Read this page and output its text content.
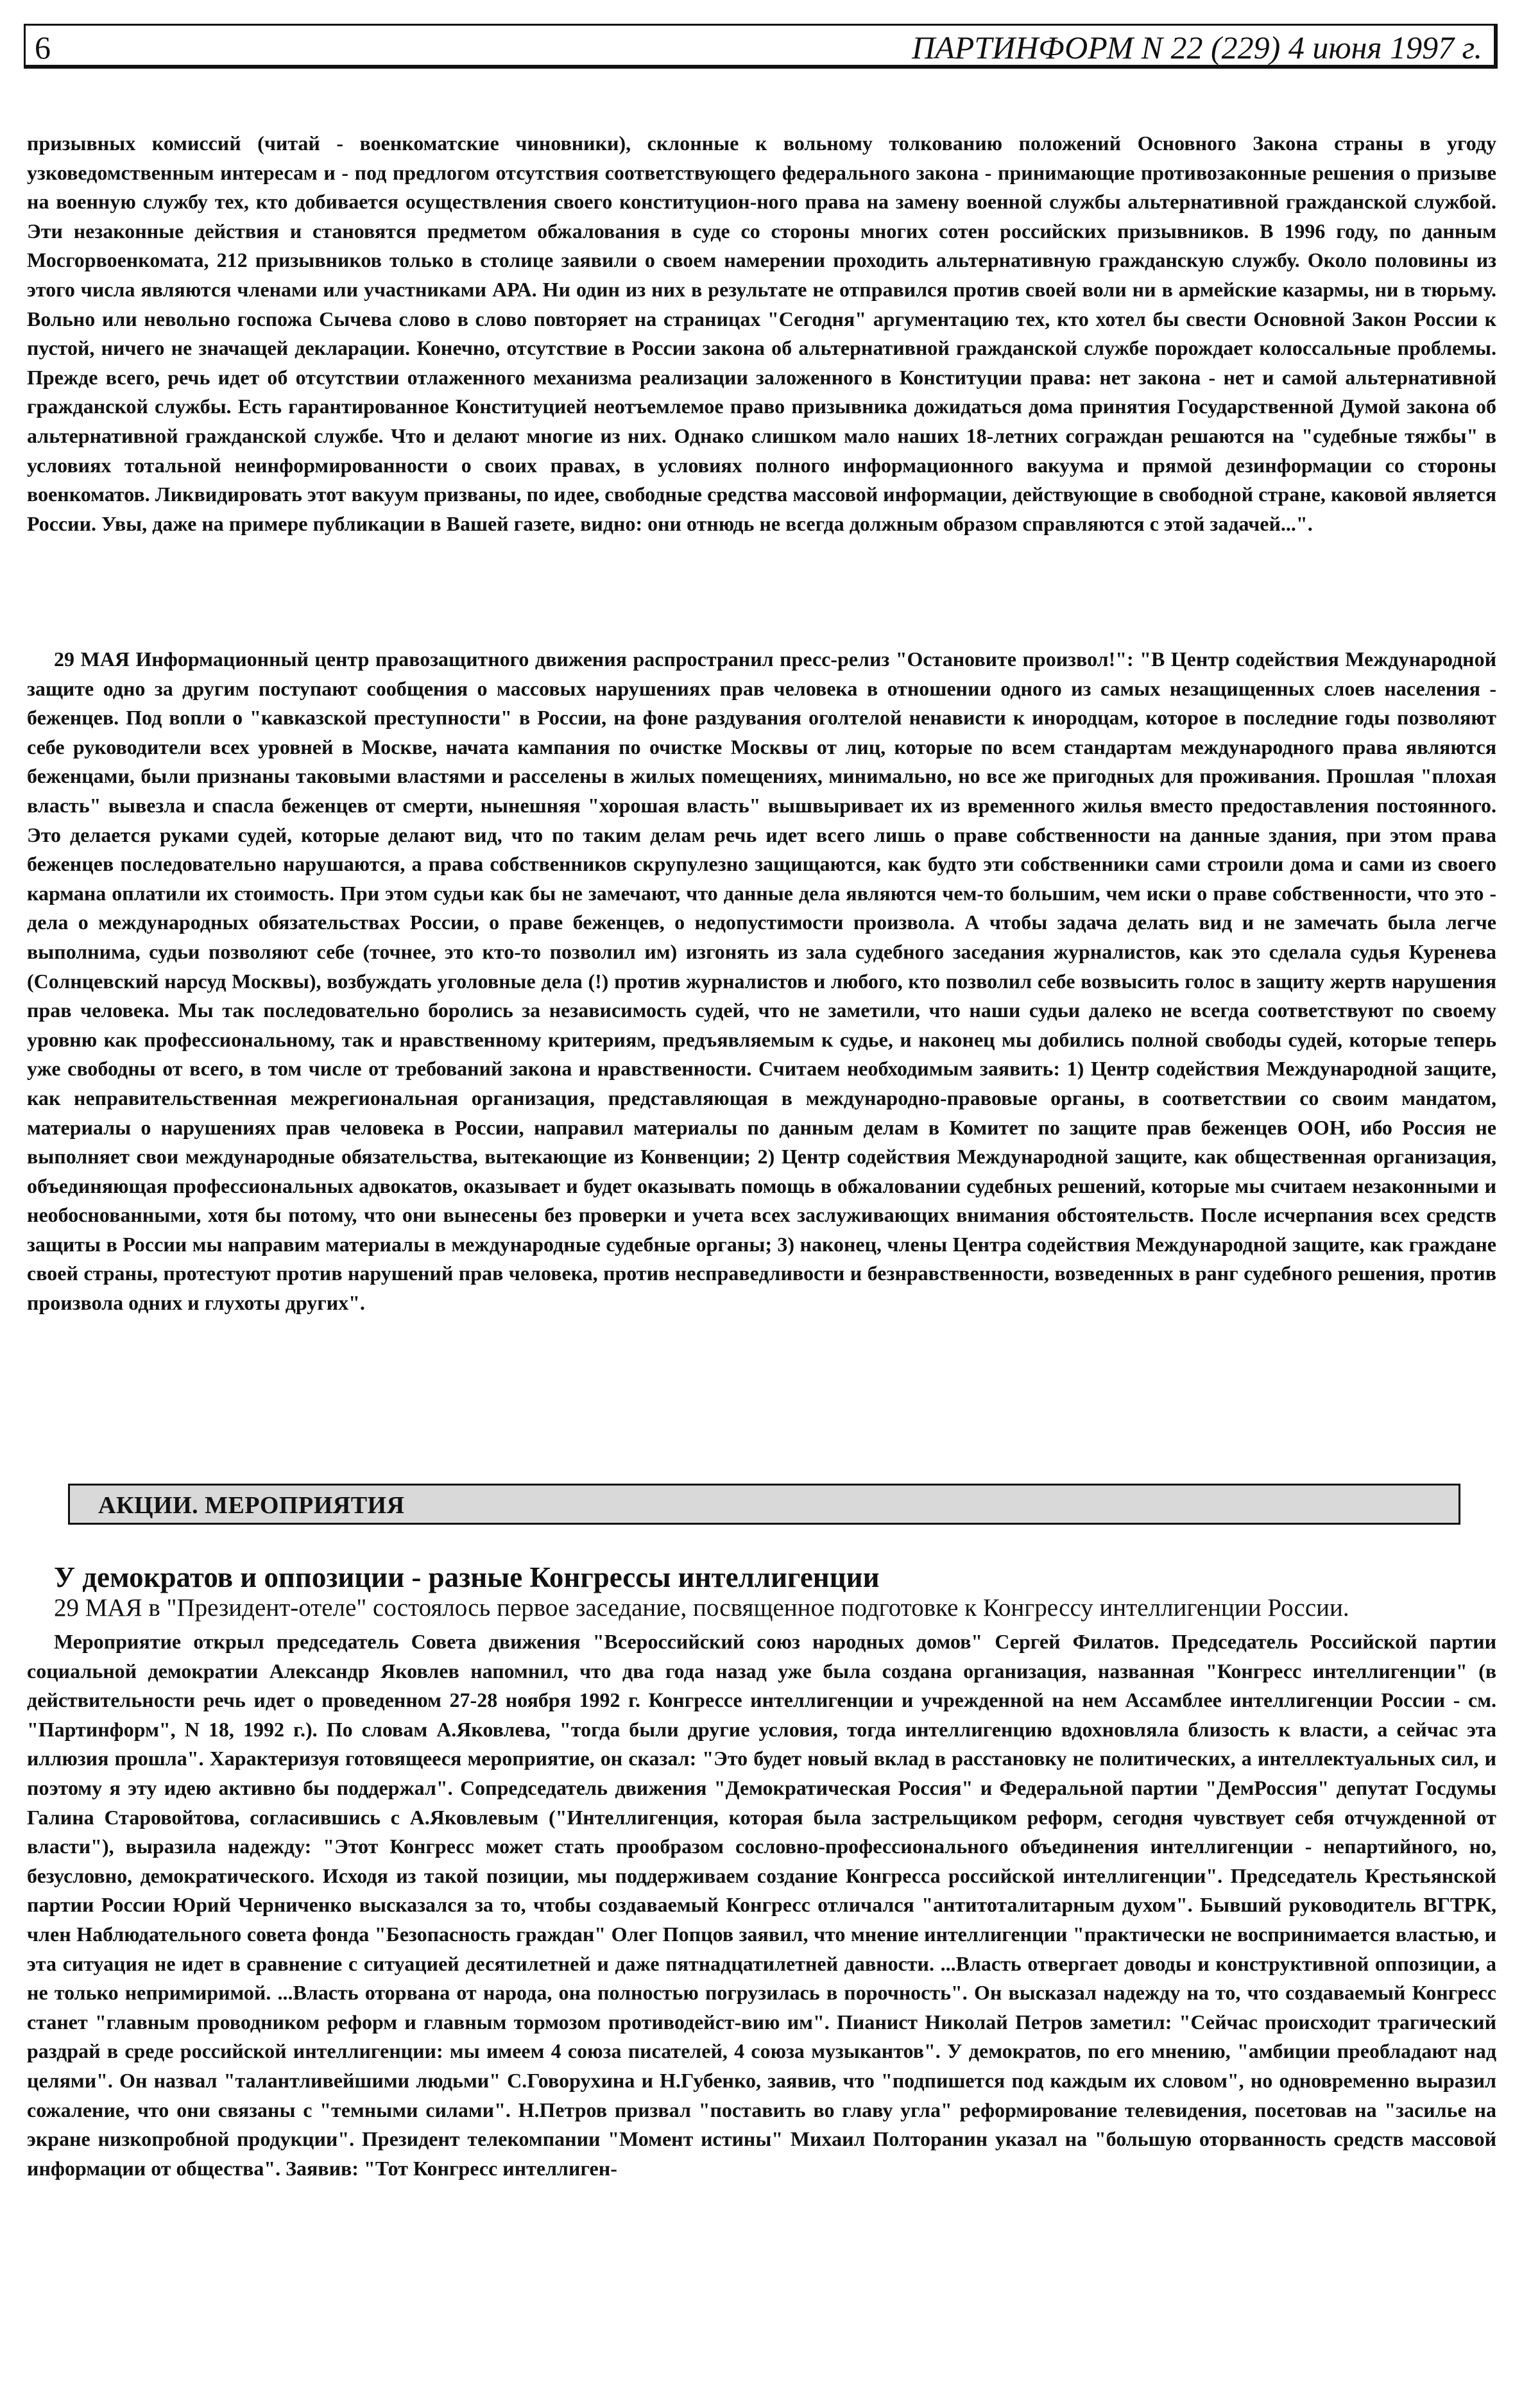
6	ПАРТИНФОРМ N 22 (229) 4 июня 1997 г.

призывных комиссий (читай - военкоматские чиновники), склонные к вольному толкованию положений Основного Закона страны в угоду узковедомственным интересам и - под предлогом отсутствия соответствующего федерального закона - принимающие противозаконные решения о призыве на военную службу тех, кто добивается осуществления своего конституцион-ного права на замену военной службы альтернативной гражданской службой. Эти незаконные действия и становятся предметом обжалования в суде со стороны многих сотен российских призывников. В 1996 году, по данным Мосгорвоенкомата, 212 призывников только в столице заявили о своем намерении проходить альтернативную гражданскую службу. Около половины из этого числа являются членами или участниками АРА. Ни один из них в результате не отправился против своей воли ни в армейские казармы, ни в тюрьму. Вольно или невольно госпожа Сычева слово в слово повторяет на страницах "Сегодня" аргументацию тех, кто хотел бы свести Основной Закон России к пустой, ничего не значащей декларации. Конечно, отсутствие в России закона об альтернативной гражданской службе порождает колоссальные проблемы. Прежде всего, речь идет об отсутствии отлаженного механизма реализации заложенного в Конституции права: нет закона - нет и самой альтернативной гражданской службы. Есть гарантированное Конституцией неотъемлемое право призывника дожидаться дома принятия Государственной Думой закона об альтернативной гражданской службе. Что и делают многие из них. Однако слишком мало наших 18-летних сограждан решаются на "судебные тяжбы" в условиях тотальной неинформированности о своих правах, в условиях полного информационного вакуума и прямой дезинформации со стороны военкоматов. Ликвидировать этот вакуум призваны, по идее, свободные средства массовой информации, действующие в свободной стране, каковой является России. Увы, даже на примере публикации в Вашей газете, видно: они отнюдь не всегда должным образом справляются с этой задачей...".

29 МАЯ Информационный центр правозащитного движения распространил пресс-релиз "Остановите произвол!": "В Центр содействия Международной защите одно за другим поступают сообщения о массовых нарушениях прав человека в отношении одного из самых незащищенных слоев населения - беженцев. Под вопли о "кавказской преступности" в России, на фоне раздувания оголтелой ненависти к инородцам, которое в последние годы позволяют себе руководители всех уровней в Москве, начата кампания по очистке Москвы от лиц, которые по всем стандартам международного права являются беженцами, были признаны таковыми властями и расселены в жилых помещениях, минимально, но все же пригодных для проживания. Прошлая "плохая власть" вывезла и спасла беженцев от смерти, нынешняя "хорошая власть" вышвыривает их из временного жилья вместо предоставления постоянного. Это делается руками судей, которые делают вид, что по таким делам речь идет всего лишь о праве собственности на данные здания, при этом права беженцев последовательно нарушаются, а права собственников скрупулезно защищаются, как будто эти собственники сами строили дома и сами из своего кармана оплатили их стоимость. При этом судьи как бы не замечают, что данные дела являются чем-то большим, чем иски о праве собственности, что это - дела о международных обязательствах России, о праве беженцев, о недопустимости произвола. А чтобы задача делать вид и не замечать была легче выполнима, судьи позволяют себе (точнее, это кто-то позволил им) изгонять из зала судебного заседания журналистов, как это сделала судья Куренева (Солнцевский нарсуд Москвы), возбуждать уголовные дела (!) против журналистов и любого, кто позволил себе возвысить голос в защиту жертв нарушения прав человека. Мы так последовательно боролись за независимость судей, что не заметили, что наши судьи далеко не всегда соответствуют по своему уровню как профессиональному, так и нравственному критериям, предъявляемым к судье, и наконец мы добились полной свободы судей, которые теперь уже свободны от всего, в том числе от требований закона и нравственности. Считаем необходимым заявить: 1) Центр содействия Международной защите, как неправительственная межрегиональная организация, представляющая в международно-правовые органы, в соответствии со своим мандатом, материалы о нарушениях прав человека в России, направил материалы по данным делам в Комитет по защите прав беженцев ООН, ибо Россия не выполняет свои международные обязательства, вытекающие из Конвенции; 2) Центр содействия Международной защите, как общественная организация, объединяющая профессиональных адвокатов, оказывает и будет оказывать помощь в обжаловании судебных решений, которые мы считаем незаконными и необоснованными, хотя бы потому, что они вынесены без проверки и учета всех заслуживающих внимания обстоятельств. После исчерпания всех средств защиты в России мы направим материалы в международные судебные органы; 3) наконец, члены Центра содействия Международной защите, как граждане своей страны, протестуют против нарушений прав человека, против несправедливости и безнравственности, возведенных в ранг судебного решения, против произвола одних и глухоты других".

АКЦИИ. МЕРОПРИЯТИЯ
У демократов и оппозиции - разные Конгрессы интеллигенции

29 МАЯ в "Президент-отеле" состоялось первое заседание, посвященное подготовке к Конгрессу интеллигенции России.

Мероприятие открыл председатель Совета движения "Всероссийский союз народных домов" Сергей Филатов. Председатель Российской партии социальной демократии Александр Яковлев напомнил, что два года назад уже была создана организация, названная "Конгресс интеллигенции" (в действительности речь идет о проведенном 27-28 ноября 1992 г. Конгрессе интеллигенции и учрежденной на нем Ассамблее интеллигенции России - см. "Партинформ", N 18, 1992 г.). По словам А.Яковлева, "тогда были другие условия, тогда интеллигенцию вдохновляла близость к власти, а сейчас эта иллюзия прошла". Характеризуя готовящееся мероприятие, он сказал: "Это будет новый вклад в расстановку не политических, а интеллектуальных сил, и поэтому я эту идею активно бы поддержал". Сопредседатель движения "Демократическая Россия" и Федеральной партии "ДемРоссия" депутат Госдумы Галина Старовойтова, согласившись с А.Яковлевым ("Интеллигенция, которая была застрельщиком реформ, сегодня чувствует себя отчужденной от власти"), выразила надежду: "Этот Конгресс может стать прообразом сословно-профессионального объединения интеллигенции - непартийного, но, безусловно, демократического. Исходя из такой позиции, мы поддерживаем создание Конгресса российской интеллигенции". Председатель Крестьянской партии России Юрий Черниченко высказался за то, чтобы создаваемый Конгресс отличался "антитоталитарным духом". Бывший руководитель ВГТРК, член Наблюдательного совета фонда "Безопасность граждан" Олег Попцов заявил, что мнение интеллигенции "практически не воспринимается властью, и эта ситуация не идет в сравнение с ситуацией десятилетней и даже пятнадцатилетней давности. ...Власть отвергает доводы и конструктивной оппозиции, а не только непримиримой. ...Власть оторвана от народа, она полностью погрузилась в порочность". Он высказал надежду на то, что создаваемый Конгресс станет "главным проводником реформ и главным тормозом противодейст-вию им". Пианист Николай Петров заметил: "Сейчас происходит трагический раздрай в среде российской интеллигенции: мы имеем 4 союза писателей, 4 союза музыкантов". У демократов, по его мнению, "амбиции преобладают над целями". Он назвал "талантливейшими людьми" С.Говорухина и Н.Губенко, заявив, что "подпишется под каждым их словом", но одновременно выразил сожаление, что они связаны с "темными силами". Н.Петров призвал "поставить во главу угла" реформирование телевидения, посетовав на "засилье на экране низкопробной продукции". Президент телекомпании "Момент истины" Михаил Полторанин указал на "большую оторванность средств массовой информации от общества". Заявив: "Тот Конгресс интеллиген-
